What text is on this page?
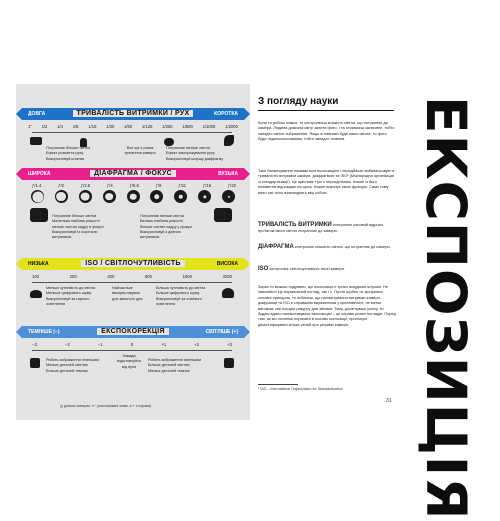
ДОВГА	ТРИВАЛІСТЬ ВИТРИМКИ / РУХ	КОРОТКА
1" 1/2 1/4 1/8 1/15 1/30 1/60 1/125 1/250 1/500 1/1000 1/2000
Потрапляє більше світла
Ефект розмиття руху
Використовуй штатив
Все ще є ризик
тремтіння камери
Потрапляє менше світла
Ефект заморожування руху
Використовуй ширшу діафрагму
ШИРОКА	ДІАФРАГМА / ФОКУС	ВУЗЬКА
ƒ/1.4	ƒ/2	ƒ/2.8	ƒ/4	ƒ/5.6	ƒ/8	ƒ/11	ƒ/16	ƒ/22
Потрапляє більше світла
Маленька глибина різкості/
менше частин кадру в фокусі
Використовуй із короткою
витримкою
Потрапляє менше світла
Велика глибина різкості/
більше частин кадру у фокусі
Використовуй з довгою
витримкою
НИЗЬКА	ISO / СВІТЛОЧУТЛИВІСТЬ	ВИСОКА
100	200	400	800	1600	3200
Менша чутливість до світла
Меньше цифрового шуму
Використовуй за гарного
освітлення
Найчастіше
використовують
для звичного дня
Більша чутливість до світла
Більше цифрового шуму
Використовуй за слабкого
освітлення
ТЕМНІШЕ (−)	ЕКСПОКОРЕКЦІЯ	СВІТЛІШЕ (+)
−3	−2	−1	0	+1	+2	+3
Робить зображення темнішим
Менше деталей світлих
Більше деталей темних
Завжди
відштовхуйся
від нуля
Робить зображення світлішим
Більше деталей світлих
Менше деталей темних
(у деяких камерах +/− розташовані зліва, а + з справа)
З погляду науки
Коли ти робиш знімок, то контролюєш кількість світла, що потрапляє до камери. Людина довкола світу залити фото, і та отримаєш засвічене, тобто занадто світле зображення. Якщо ж навпаки буде мало світла, то фото буде недоекспонованим, тобто занадто темним.
Таке балансування називається експозицією і передбачає вибалансовую із тривалістю витримки камери, діафрагмою та ISO¹ (Міжнародна організація зі стандартизації). Це щасливе тріо є нероздільним. Кожне із його елементів відповідає на щось. Кожен виконує свою функцію. Саме тому вони так тісно взаємодіють між собою.
ТРИВАЛІСТЬ ВИТРИМКИ контролює часовий відрізок, протягом якого світло потрапляє до камери.
ДІАФРАГМА контролює кількість світла, що потрапляє до камери.
ISO контролює світлочутливість твоєї камери.
Зараз ти можеш подумати, що експозиція є трохи занудною штукою. Не хвилюйся! Це нормальний погляд, так і є. Проте щойно ти зрозумієш основні принципи, то побачиш, що налаштування витримки камери, діафрагми та ISO є справжнім вираженням у креативності, не менш вагомим, ніж пошуки ракурсу для зйомки. Тому, досягнувши успіху, ти будеш вдало налаштовувати експозицію – це справа різних поглядів. Перед тим, як ми почнемо поринати в основи експозиції, пропоную демістифікувати кілька речей про режими камери.
¹ ISO – International Organization for Standardization
31 ЕКСПОЗИЦІЯ
